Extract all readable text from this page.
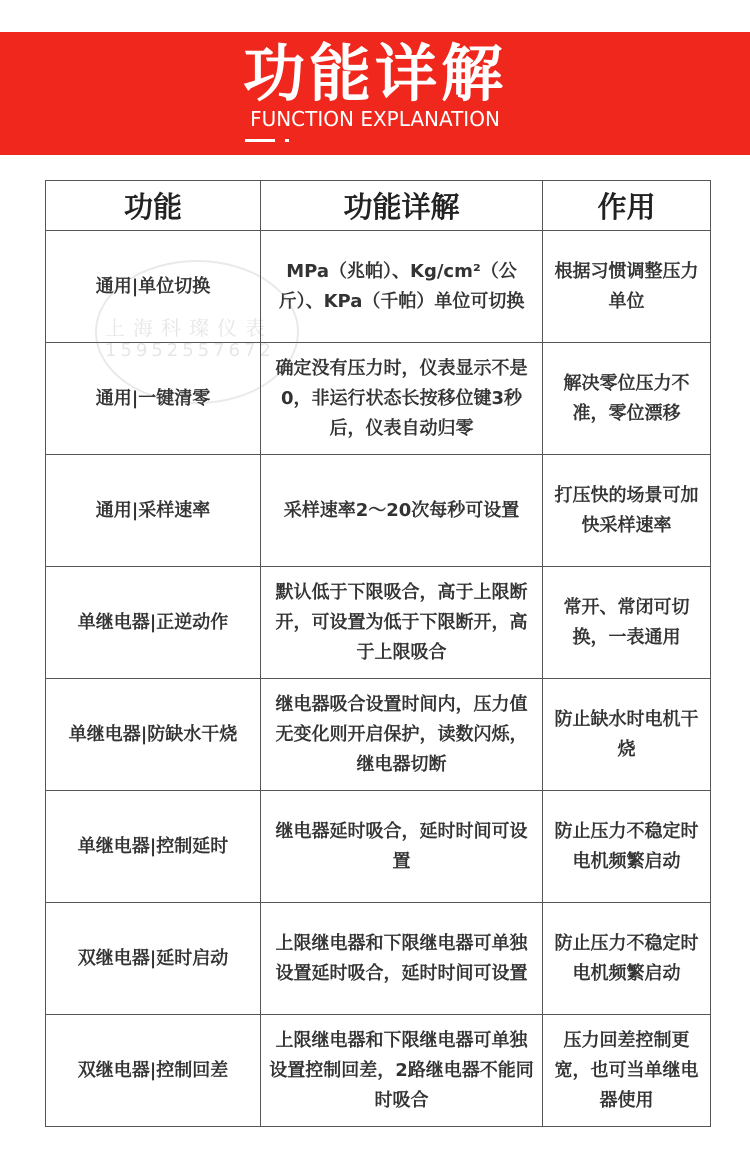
功能详解
FUNCTION EXPLANATION
功能	功能详解	作用
通用|单位切换	MPa（兆帕）、Kg/cm²（公斤）、KPa（千帕）单位可切换	根据习惯调整压力单位
通用|一键清零	确定没有压力时，仪表显示不是0，非运行状态长按移位键3秒后，仪表自动归零	解决零位压力不准，零位漂移
通用|采样速率	采样速率2～20次每秒可设置	打压快的场景可加快采样速率
单继电器|正逆动作	默认低于下限吸合，高于上限断开，可设置为低于下限断开，高于上限吸合	常开、常闭可切换，一表通用
单继电器|防缺水干烧	继电器吸合设置时间内，压力值无变化则开启保护，读数闪烁，继电器切断	防止缺水时电机干烧
单继电器|控制延时	继电器延时吸合，延时时间可设置	防止压力不稳定时电机频繁启动
双继电器|延时启动	上限继电器和下限继电器可单独设置延时吸合，延时时间可设置	防止压力不稳定时电机频繁启动
双继电器|控制回差	上限继电器和下限继电器可单独设置控制回差，2路继电器不能同时吸合	压力回差控制更宽，也可当单继电器使用
上海科璨仪表
15952557672
